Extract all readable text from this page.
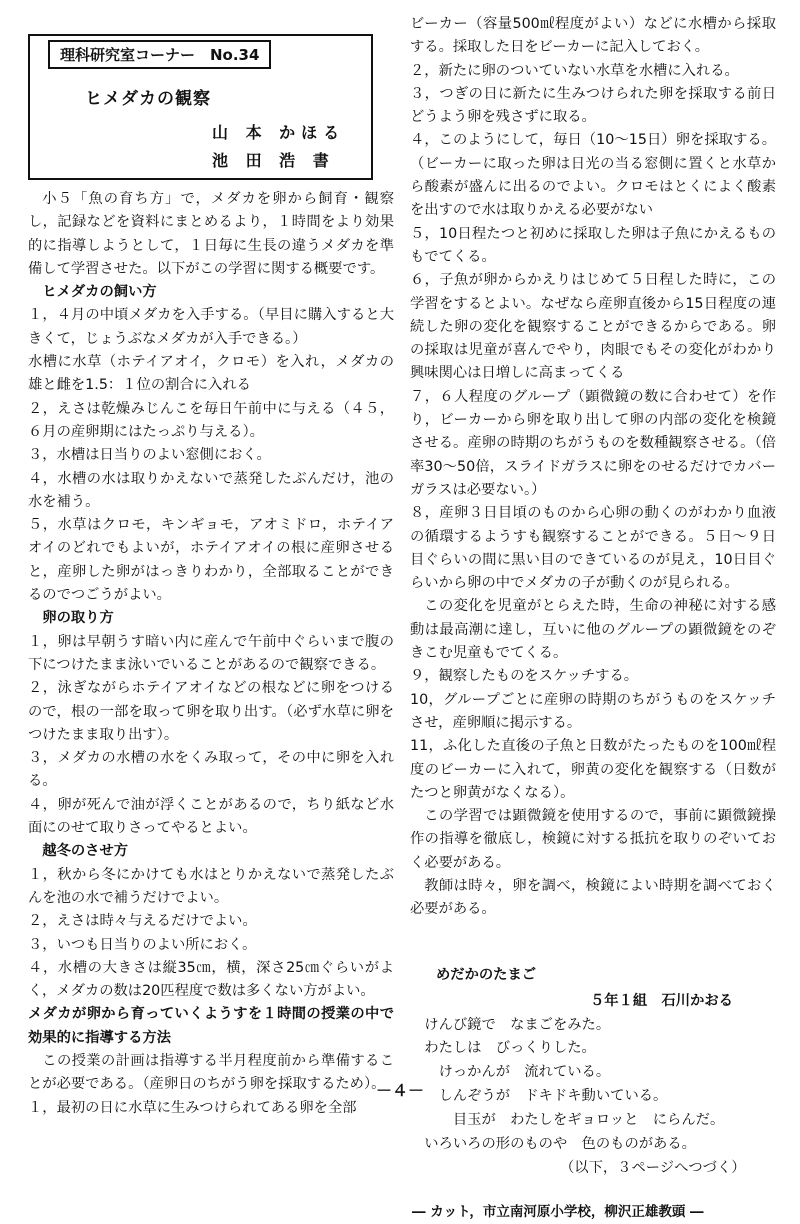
理科研究室コーナー　No.34
ヒメダカの観察
山 本 かほる
池 田 浩 書

小５「魚の育ち方」で，メダカを卵から飼育・観察し，記録などを資料にまとめるより，１時間をより効果的に指導しようとして，１日毎に生長の違うメダカを準備して学習させた。以下がこの学習に関する概要です。

ヒメダカの飼い方

１，４月の中頃メダカを入手する。（早目に購入すると大きくて，じょうぶなメダカが入手できる。）

水槽に水草（ホテイアオイ，クロモ）を入れ，メダカの雄と雌を1.5：１位の割合に入れる

２，えさは乾燥みじんこを毎日午前中に与える（４５，６月の産卵期にはたっぷり与える）。

３，水槽は日当りのよい窓側におく。

４，水槽の水は取りかえないで蒸発したぶんだけ，池の水を補う。

５，水草はクロモ，キンギョモ，アオミドロ，ホテイアオイのどれでもよいが，ホテイアオイの根に産卵させると，産卵した卵がはっきりわかり，全部取ることができるのでつごうがよい。

卵の取り方

１，卵は早朝うす暗い内に産んで午前中ぐらいまで腹の下につけたまま泳いでいることがあるので観察できる。

２，泳ぎながらホテイアオイなどの根などに卵をつけるので，根の一部を取って卵を取り出す。（必ず水草に卵をつけたまま取り出す）。

３，メダカの水槽の水をくみ取って，その中に卵を入れる。

４，卵が死んで油が浮くことがあるので，ちり紙など水面にのせて取りさってやるとよい。

越冬のさせ方

１，秋から冬にかけても水はとりかえないで蒸発したぶんを池の水で補うだけでよい。

２，えさは時々与えるだけでよい。

３，いつも日当りのよい所におく。

４，水槽の大きさは縦35㎝，横，深さ25㎝ぐらいがよく，メダカの数は20匹程度で数は多くない方がよい。

メダカが卵から育っていくようすを１時間の授業の中で効果的に指導する方法

この授業の計画は指導する半月程度前から準備することが必要である。（産卵日のちがう卵を採取するため）。

１，最初の日に水草に生みつけられてある卵を全部

ビーカー（容量500㎖程度がよい）などに水槽から採取する。採取した日をビーカーに記入しておく。

２，新たに卵のついていない水草を水槽に入れる。

３，つぎの日に新たに生みつけられた卵を採取する前日どうよう卵を残さずに取る。

４，このようにして，毎日（10～15日）卵を採取する。（ビーカーに取った卵は日光の当る窓側に置くと水草から酸素が盛んに出るのでよい。クロモはとくによく酸素を出すので水は取りかえる必要がない

５，10日程たつと初めに採取した卵は子魚にかえるものもでてくる。

６，子魚が卵からかえりはじめて５日程した時に，この学習をするとよい。なぜなら産卵直後から15日程度の連続した卵の変化を観察することができるからである。卵の採取は児童が喜んでやり，肉眼でもその変化がわかり興味関心は日増しに高まってくる

７，６人程度のグループ（顕微鏡の数に合わせて）を作り，ビーカーから卵を取り出して卵の内部の変化を検鏡させる。産卵の時期のちがうものを数種観察させる。（倍率30～50倍，スライドガラスに卵をのせるだけでカバーガラスは必要ない。）

８，産卵３日目頃のものから心卵の動くのがわかり血液の循環するようすも観察することができる。５日～９日目ぐらいの間に黒い目のできているのが見え，10日目ぐらいから卵の中でメダカの子が動くのが見られる。

この変化を児童がとらえた時，生命の神秘に対する感動は最高潮に達し，互いに他のグループの顕微鏡をのぞきこむ児童もでてくる。

９，観察したものをスケッチする。

10，グループごとに産卵の時期のちがうものをスケッチさせ，産卵順に掲示する。

11，ふ化した直後の子魚と日数がたったものを100㎖程度のビーカーに入れて，卵黄の変化を観察する（日数がたつと卵黄がなくなる）。

この学習では顕微鏡を使用するので，事前に顕微鏡操作の指導を徹底し，検鏡に対する抵抗を取りのぞいておく必要がある。

教師は時々，卵を調べ，検鏡によい時期を調べておく必要がある。

めだかのたまご
５年１組　石川かおる
　けんび鏡で　なまごをみた。
　わたしは　びっくりした。
　　けっかんが　流れている。
　　しんぞうが　ドキドキ動いている。
　　　目玉が　わたしをギョロッと　にらんだ。
　いろいろの形のものや　色のものがある。
（以下，３ページへつづく）
― カット，市立南河原小学校，柳沢正雄教頭 ―
－４－
